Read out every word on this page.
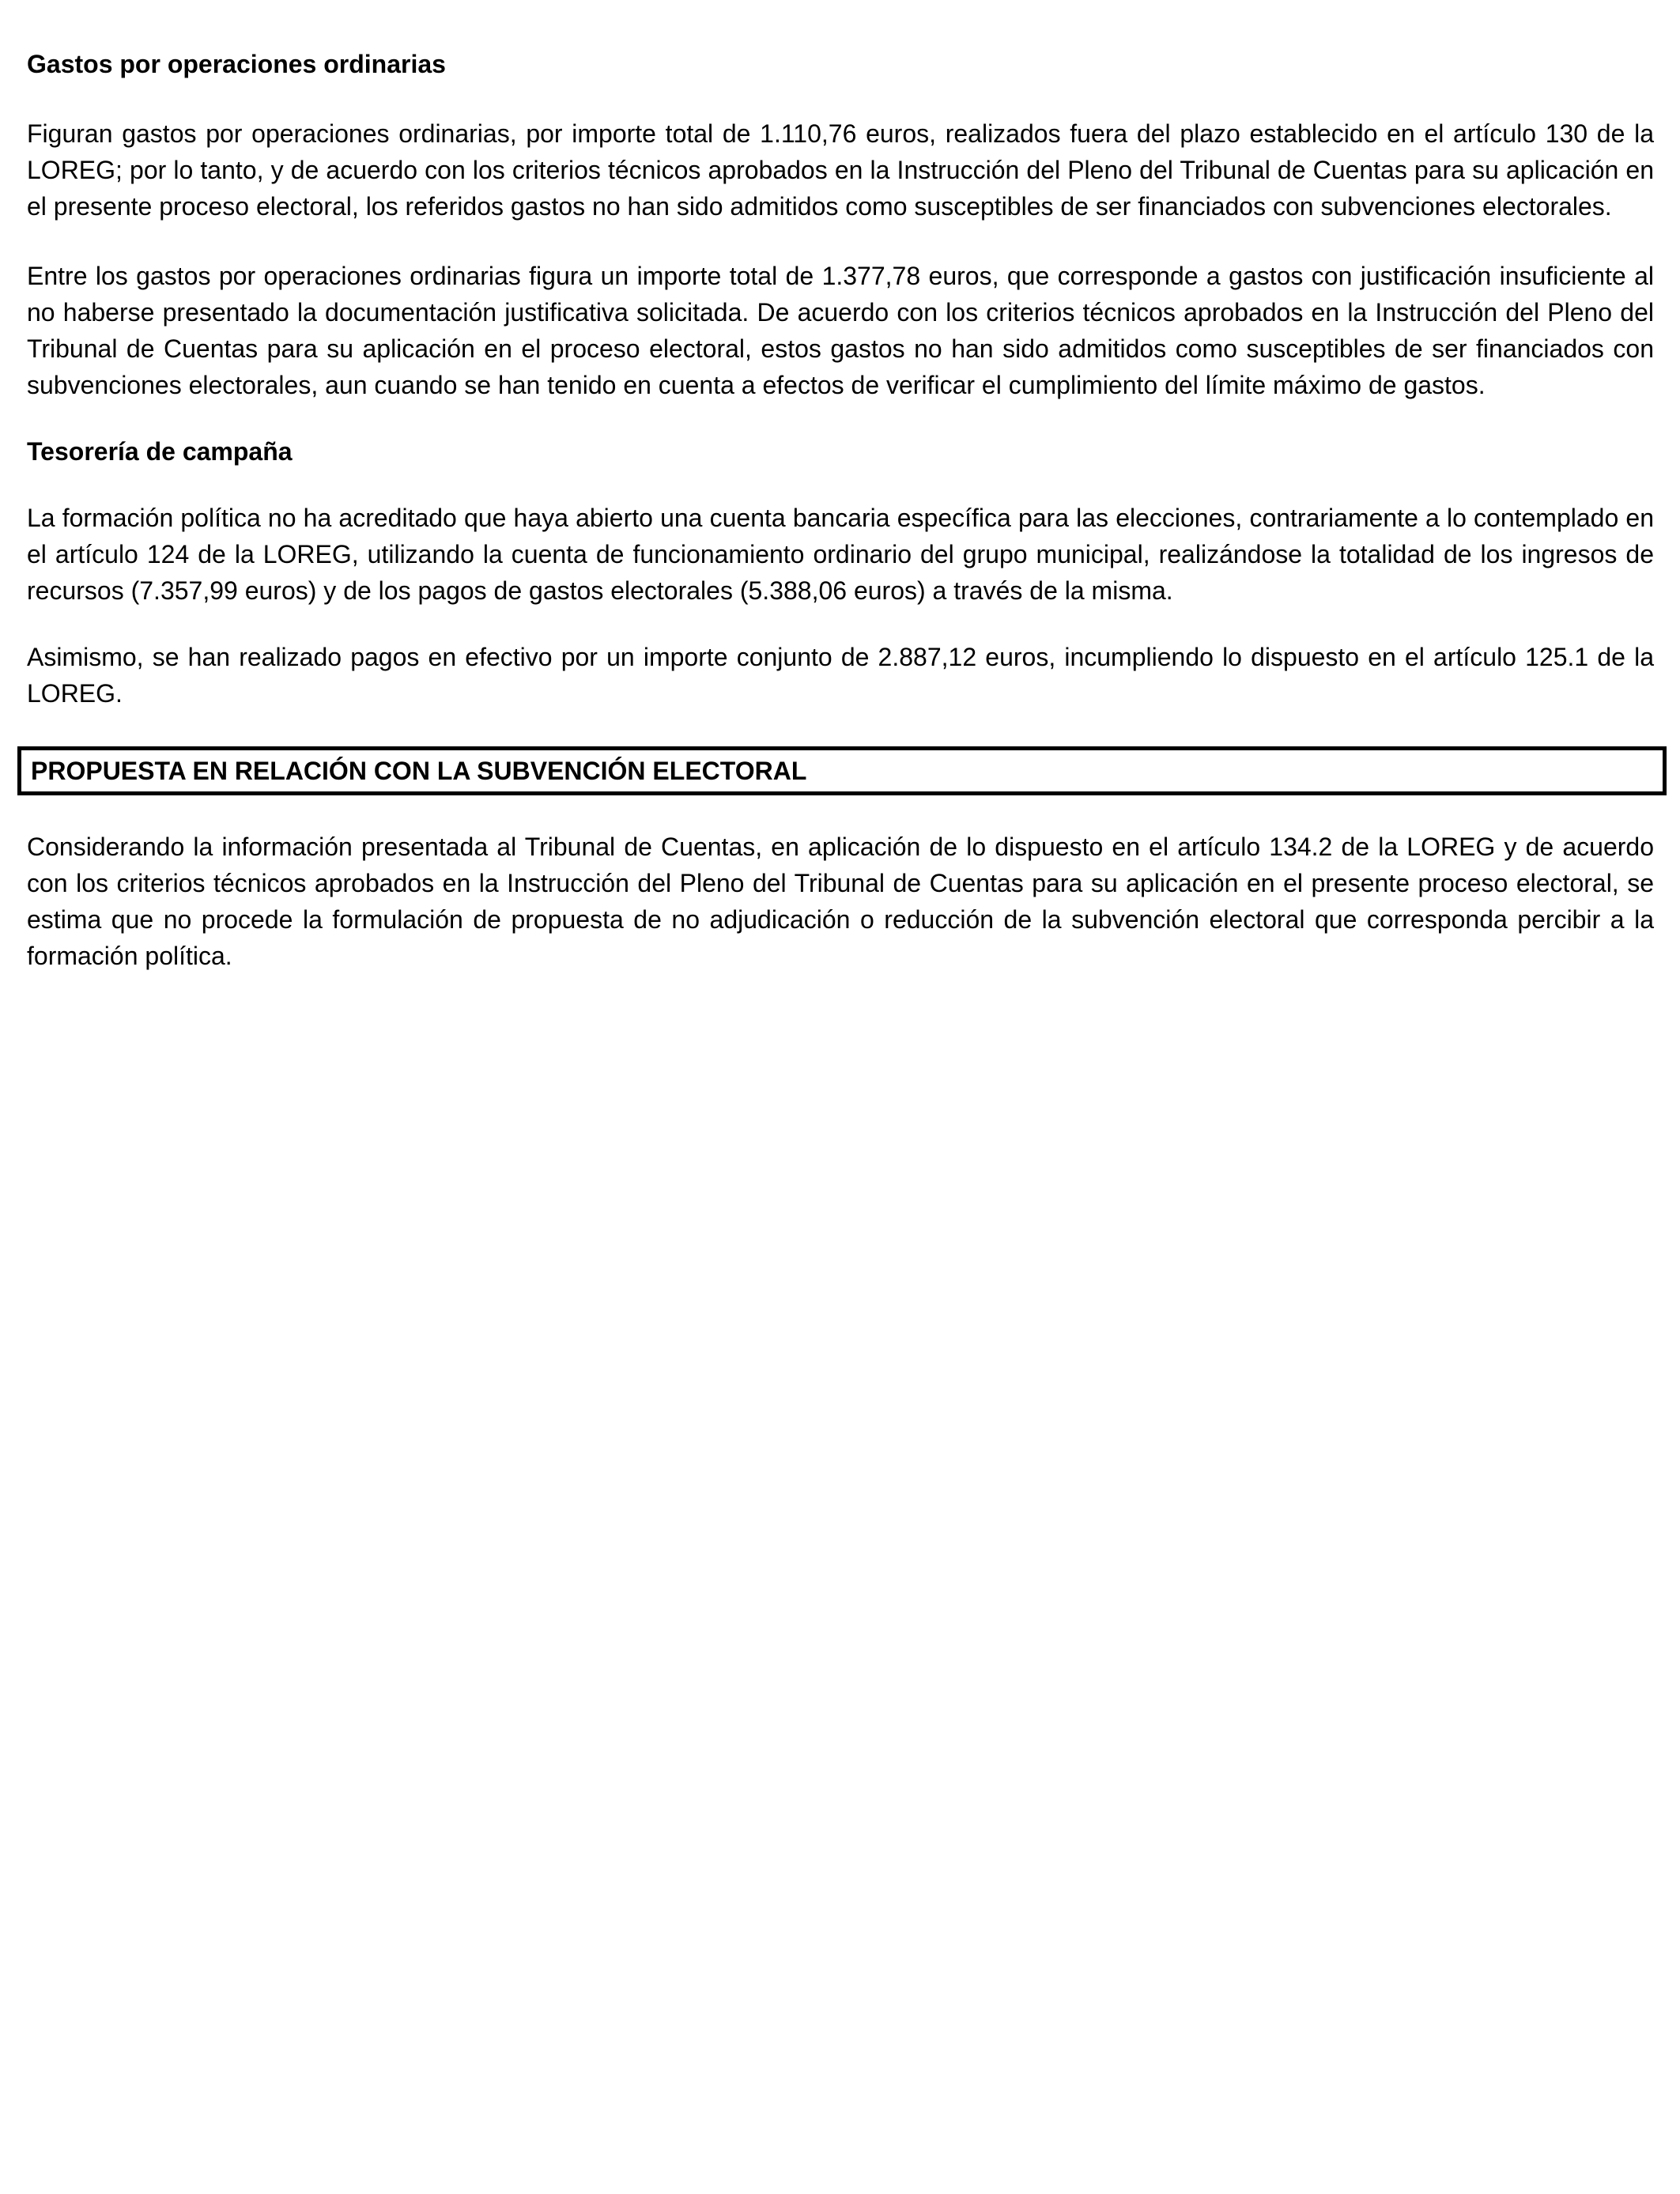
Gastos por operaciones ordinarias

Figuran gastos por operaciones ordinarias, por importe total de 1.110,76 euros, realizados fuera del plazo establecido en el artículo 130 de la LOREG; por lo tanto, y de acuerdo con los criterios técnicos aprobados en la Instrucción del Pleno del Tribunal de Cuentas para su aplicación en el presente proceso electoral, los referidos gastos no han sido admitidos como susceptibles de ser financiados con subvenciones electorales.

Entre los gastos por operaciones ordinarias figura un importe total de 1.377,78 euros, que corresponde a gastos con justificación insuficiente al no haberse presentado la documentación justificativa solicitada. De acuerdo con los criterios técnicos aprobados en la Instrucción del Pleno del Tribunal de Cuentas para su aplicación en el proceso electoral, estos gastos no han sido admitidos como susceptibles de ser financiados con subvenciones electorales, aun cuando se han tenido en cuenta a efectos de verificar el cumplimiento del límite máximo de gastos.

Tesorería de campaña

La formación política no ha acreditado que haya abierto una cuenta bancaria específica para las elecciones, contrariamente a lo contemplado en el artículo 124 de la LOREG, utilizando la cuenta de funcionamiento ordinario del grupo municipal, realizándose la totalidad de los ingresos de recursos (7.357,99 euros) y de los pagos de gastos electorales (5.388,06 euros) a través de la misma.

Asimismo, se han realizado pagos en efectivo por un importe conjunto de 2.887,12 euros, incumpliendo lo dispuesto en el artículo 125.1 de la LOREG.

PROPUESTA EN RELACIÓN CON LA SUBVENCIÓN ELECTORAL

Considerando la información presentada al Tribunal de Cuentas, en aplicación de lo dispuesto en el artículo 134.2 de la LOREG y de acuerdo con los criterios técnicos aprobados en la Instrucción del Pleno del Tribunal de Cuentas para su aplicación en el presente proceso electoral, se estima que no procede la formulación de propuesta de no adjudicación o reducción de la subvención electoral que corresponda percibir a la formación política.
